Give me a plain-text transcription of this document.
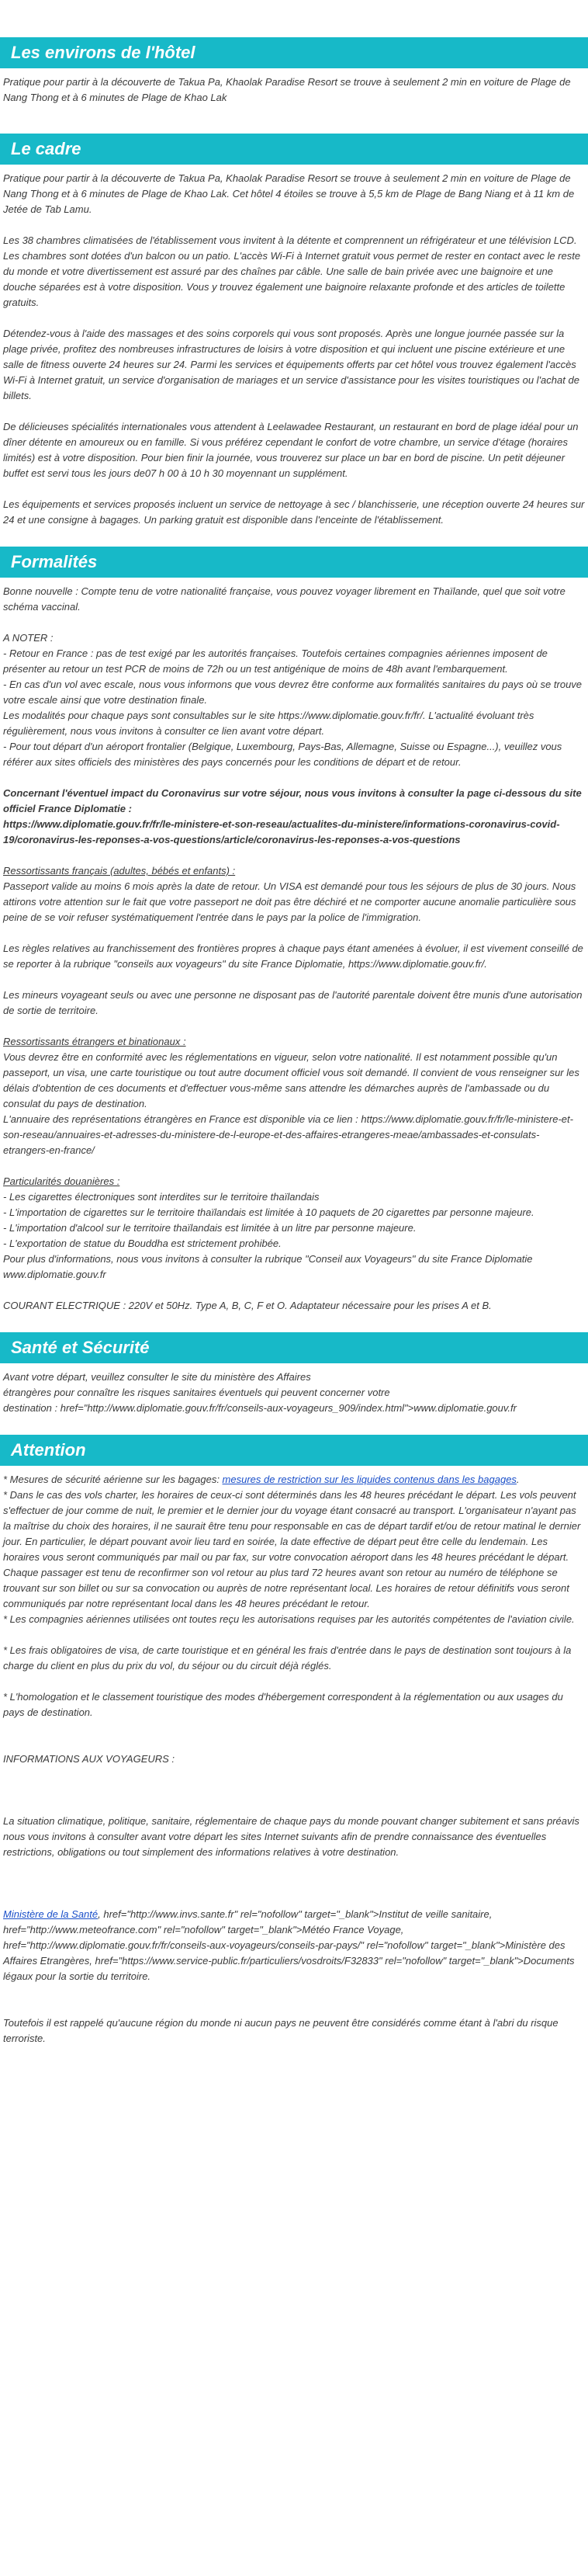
Les environs de l'hôtel

Pratique pour partir à la découverte de Takua Pa, Khaolak Paradise Resort se trouve à seulement 2 min en voiture de Plage de Nang Thong et à 6 minutes de Plage de Khao Lak

Le cadre

Pratique pour partir à la découverte de Takua Pa, Khaolak Paradise Resort se trouve à seulement 2 min en voiture de Plage de Nang Thong et à 6 minutes de Plage de Khao Lak. Cet hôtel 4 étoiles se trouve à 5,5 km de Plage de Bang Niang et à 11 km de Jetée de Tab Lamu.

Les 38 chambres climatisées de l'établissement vous invitent à la détente et comprennent un réfrigérateur et une télévision LCD. Les chambres sont dotées d'un balcon ou un patio. L'accès Wi-Fi à Internet gratuit vous permet de rester en contact avec le reste du monde et votre divertissement est assuré par des chaînes par câble. Une salle de bain privée avec une baignoire et une douche séparées est à votre disposition. Vous y trouvez également une baignoire relaxante profonde et des articles de toilette gratuits.

Détendez-vous à l'aide des massages et des soins corporels qui vous sont proposés. Après une longue journée passée sur la plage privée, profitez des nombreuses infrastructures de loisirs à votre disposition et qui incluent une piscine extérieure et une salle de fitness ouverte 24 heures sur 24. Parmi les services et équipements offerts par cet hôtel vous trouvez également l'accès Wi-Fi à Internet gratuit, un service d'organisation de mariages et un service d'assistance pour les visites touristiques ou l'achat de billets.

De délicieuses spécialités internationales vous attendent à Leelawadee Restaurant, un restaurant en bord de plage idéal pour un dîner détente en amoureux ou en famille. Si vous préférez cependant le confort de votre chambre, un service d'étage (horaires limités) est à votre disposition. Pour bien finir la journée, vous trouverez sur place un bar en bord de piscine. Un petit déjeuner buffet est servi tous les jours de07 h 00 à 10 h 30 moyennant un supplément.

Les équipements et services proposés incluent un service de nettoyage à sec / blanchisserie, une réception ouverte 24 heures sur 24 et une consigne à bagages. Un parking gratuit est disponible dans l'enceinte de l'établissement.

Formalités

Bonne nouvelle : Compte tenu de votre nationalité française, vous pouvez voyager librement en Thaïlande, quel que soit votre schéma vaccinal.

A NOTER :

- Retour en France : pas de test exigé par les autorités françaises. Toutefois certaines compagnies aériennes imposent de présenter au retour un test PCR de moins de 72h ou un test antigénique de moins de 48h avant l'embarquement.
- En cas d'un vol avec escale, nous vous informons que vous devrez être conforme aux formalités sanitaires du pays où se trouve votre escale ainsi que votre destination finale.
Les modalités pour chaque pays sont consultables sur le site https://www.diplomatie.gouv.fr/fr/. L'actualité évoluant très régulièrement, nous vous invitons à consulter ce lien avant votre départ.
- Pour tout départ d'un aéroport frontalier (Belgique, Luxembourg, Pays-Bas, Allemagne, Suisse ou Espagne...), veuillez vous référer aux sites officiels des ministères des pays concernés pour les conditions de départ et de retour.

Concernant l'éventuel impact du Coronavirus sur votre séjour, nous vous invitons à consulter la page ci-dessous du site officiel France Diplomatie :
https://www.diplomatie.gouv.fr/fr/le-ministere-et-son-reseau/actualites-du-ministere/informations-coronavirus-covid-19/coronavirus-les-reponses-a-vos-questions/article/coronavirus-les-reponses-a-vos-questions

Ressortissants français (adultes, bébés et enfants) :

Passeport valide au moins 6 mois après la date de retour. Un VISA est demandé pour tous les séjours de plus de 30 jours. Nous attirons votre attention sur le fait que votre passeport ne doit pas être déchiré et ne comporter aucune anomalie particulière sous peine de se voir refuser systématiquement l'entrée dans le pays par la police de l'immigration.

Les règles relatives au franchissement des frontières propres à chaque pays étant amenées à évoluer, il est vivement conseillé de se reporter à la rubrique "conseils aux voyageurs" du site France Diplomatie, https://www.diplomatie.gouv.fr/.

Les mineurs voyageant seuls ou avec une personne ne disposant pas de l'autorité parentale doivent être munis d'une autorisation de sortie de territoire.

Ressortissants étrangers et binationaux :

Vous devrez être en conformité avec les réglementations en vigueur, selon votre nationalité. Il est notamment possible qu'un passeport, un visa, une carte touristique ou tout autre document officiel vous soit demandé. Il convient de vous renseigner sur les délais d'obtention de ces documents et d'effectuer vous-même sans attendre les démarches auprès de l'ambassade ou du consulat du pays de destination.
L'annuaire des représentations étrangères en France est disponible via ce lien : https://www.diplomatie.gouv.fr/fr/le-ministere-et-son-reseau/annuaires-et-adresses-du-ministere-de-l-europe-et-des-affaires-etrangeres-meae/ambassades-et-consulats-etrangers-en-france/

Particularités douanières :

- Les cigarettes électroniques sont interdites sur le territoire thaïlandais
- L'importation de cigarettes sur le territoire thaïlandais est limitée à 10 paquets de 20 cigarettes par personne majeure.
- L'importation d'alcool sur le territoire thaïlandais est limitée à un litre par personne majeure.
- L'exportation de statue du Bouddha est strictement prohibée.
Pour plus d'informations, nous vous invitons à consulter la rubrique "Conseil aux Voyageurs" du site France Diplomatie www.diplomatie.gouv.fr

COURANT ELECTRIQUE : 220V et 50Hz. Type A, B, C, F et O. Adaptateur nécessaire pour les prises A et B.

Santé et Sécurité

Avant votre départ, veuillez consulter le site du ministère des Affaires
étrangères pour connaître les risques sanitaires éventuels qui peuvent concerner votre
destination : href="http://www.diplomatie.gouv.fr/fr/conseils-aux-voyageurs_909/index.html">www.diplomatie.gouv.fr

Attention

* Mesures de sécurité aérienne sur les bagages: mesures de restriction sur les liquides contenus dans les bagages.

* Dans le cas des vols charter, les horaires de ceux-ci sont déterminés dans les 48 heures précédant le départ. Les vols peuvent s'effectuer de jour comme de nuit, le premier et le dernier jour du voyage étant consacré au transport. L'organisateur n'ayant pas la maîtrise du choix des horaires, il ne saurait être tenu pour responsable en cas de départ tardif et/ou de retour matinal le dernier jour. En particulier, le départ pouvant avoir lieu tard en soirée, la date effective de départ peut être celle du lendemain. Les horaires vous seront communiqués par mail ou par fax, sur votre convocation aéroport dans les 48 heures précédant le départ. Chaque passager est tenu de reconfirmer son vol retour au plus tard 72 heures avant son retour au numéro de téléphone se trouvant sur son billet ou sur sa convocation ou auprès de notre représentant local. Les horaires de retour définitifs vous seront communiqués par notre représentant local dans les 48 heures précédant le retour.
* Les compagnies aériennes utilisées ont toutes reçu les autorisations requises par les autorités compétentes de l'aviation civile.

* Les frais obligatoires de visa, de carte touristique et en général les frais d'entrée dans le pays de destination sont toujours à la charge du client en plus du prix du vol, du séjour ou du circuit déjà réglés.

* L'homologation et le classement touristique des modes d'hébergement correspondent à la réglementation ou aux usages du pays de destination.

INFORMATIONS AUX VOYAGEURS :

La situation climatique, politique, sanitaire, réglementaire de chaque pays du monde pouvant changer subitement et sans préavis
nous vous invitons à consulter avant votre départ les sites Internet suivants afin de prendre connaissance des éventuelles restrictions, obligations ou tout simplement des informations relatives à votre destination.

Ministère de la Santé, href="http://www.invs.sante.fr" rel="nofollow" target="_blank">Institut de veille sanitaire, href="http://www.meteofrance.com" rel="nofollow" target="_blank">Météo France Voyage, href="http://www.diplomatie.gouv.fr/fr/conseils-aux-voyageurs/conseils-par-pays/" rel="nofollow" target="_blank">Ministère des Affaires Etrangères, href="https://www.service-public.fr/particuliers/vosdroits/F32833" rel="nofollow" target="_blank">Documents légaux pour la sortie du territoire.

Toutefois il est rappelé qu'aucune région du monde ni aucun pays ne peuvent être considérés comme étant à l'abri du risque terroriste.
